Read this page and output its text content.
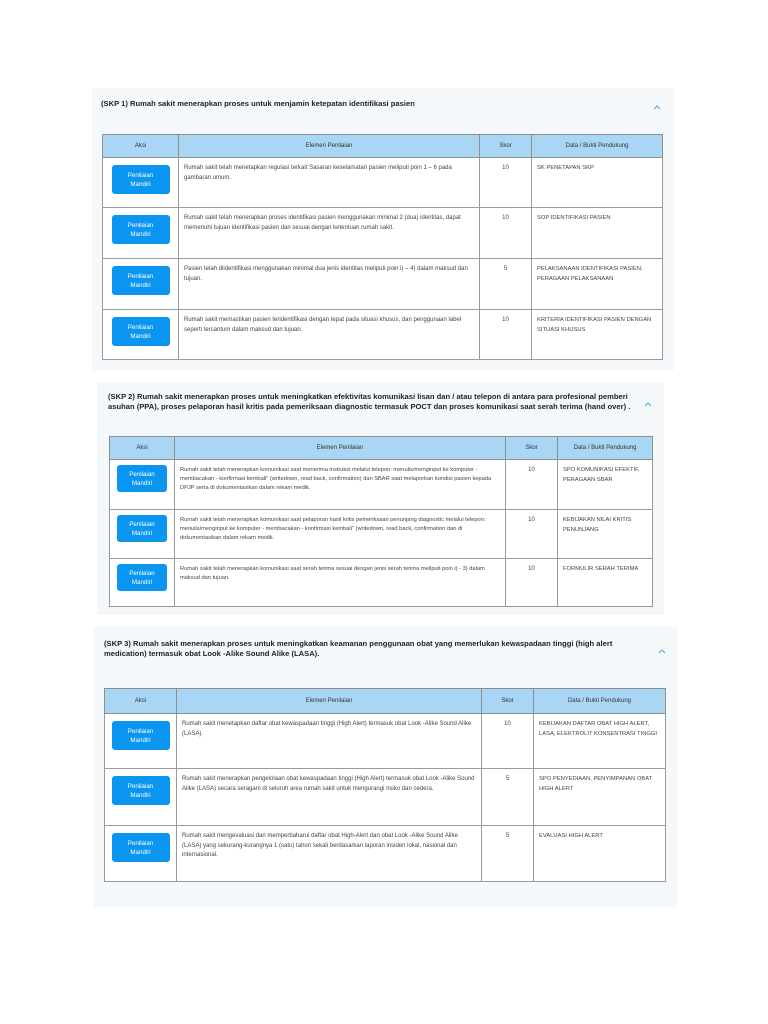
(SKP 1) Rumah sakit menerapkan proses untuk menjamin ketepatan identifikasi pasien
Aksi	Elemen Penilaian	Skor	Data / Bukti Pendukung
Penilaian
Mandiri	Rumah sakit telah menetapkan regulasi terkait Sasaran keselamatan pasien meliputi poin 1 – 6 pada gambaran umum.	10	SK PENETAPAN SKP
Penilaian
Mandiri	Rumah sakit telah menerapkan proses identifikasi pasien menggunakan minimal 2 (dua) identitas, dapat memenuhi tujuan identifikasi pasien dan sesuai dengan ketentuan rumah sakit.	10	SOP IDENTIFIKASI PASIEN
Penilaian
Mandiri	Pasien telah diidentifikasi menggunakan minimal dua jenis identitas meliputi poin i) – 4) dalam maksud dan tujuan.	5	PELAKSANAAN IDENTIFIKASI PASIEN, PERAGAAN PELAKSANAAN
Penilaian
Mandiri	Rumah sakit memastikan pasien teridentifikasi dengan tepat pada situasi khusus, dan penggunaan label seperti tercantum dalam maksud dan tujuan.	10	KRITERIA IDENTIFIKASI PASIEN DENGAN SITUASI KHUSUS
(SKP 2) Rumah sakit menerapkan proses untuk meningkatkan efektivitas komunikasi lisan dan / atau telepon di antara para profesional pemberi asuhan (PPA), proses pelaporan hasil kritis pada pemeriksaan diagnostic termasuk POCT dan proses komunikasi saat serah terima (hand over) .
Aksi	Elemen Penilaian	Skor	Data / Bukti Pendukung
Penilaian
Mandiri	Rumah sakit telah menerapkan komunikasi saat menerima instruksi melalui telepon: menulis/menginput ke komputer - membacakan - konfirmasi kembali" (writedown, read back, confirmation) dan SBAR saat melaporkan kondisi pasien kepada DPJP serta di dokumentasikan dalam rekam medik.	10	SPO KOMUNIKASI EFEKTIF, PERAGAAN SBAR
Penilaian
Mandiri	Rumah sakit telah menerapkan komunikasi saat pelaporan hasil kritis pemeriksaan penunjang diagnostic melalui telepon: menulis/menginput ke komputer - membacakan - konfirmasi kembali" (writedown, read back, confirmation dan di dokumentasikan dalam rekam medik.	10	KEBIJAKAN NILAI KRITIS PENUNJANG
Penilaian
Mandiri	Rumah sakit telah menerapkan komunikasi saat serah terima sesuai dengan jenis serah terima meliputi poin i) - 3) dalam maksud dan tujuan.	10	FORMULIR SERAH TERIMA
(SKP 3) Rumah sakit menerapkan proses untuk meningkatkan keamanan penggunaan obat yang memerlukan kewaspadaan tinggi (high alert medication) termasuk obat Look -Alike Sound Alike (LASA).
Aksi	Elemen Penilaian	Skor	Data / Bukti Pendukung
Penilaian
Mandiri	Rumah sakit menetapkan daftar obat kewaspadaan tinggi (High Alert) termasuk obat Look -Alike Sound Alike (LASA).	10	KEBIJAKAN DAFTAR OBAT HIGH ALERT, LASA, ELEKTROLIT KONSENTRASI TINGGI
Penilaian
Mandiri	Rumah sakit menerapkan pengelolaan obat kewaspadaan tinggi (High Alert) termasuk obat Look -Alike Sound Alike (LASA) secara seragam di seluruh area rumah sakit untuk mengurangi risiko dan cedera.	5	SPO PENYEDIAAN, PENYIMPANAN OBAT HIGH ALERT
Penilaian
Mandiri	Rumah sakit mengevaluasi dan memperbaharui daftar obat High-Alert dan obat Look -Alike Sound Alike (LASA) yang sekurang-kurangnya 1 (satu) tahun sekali berdasarkan laporan insiden lokal, nasional dan internasional.	5	EVALUASI HIGH ALERT
